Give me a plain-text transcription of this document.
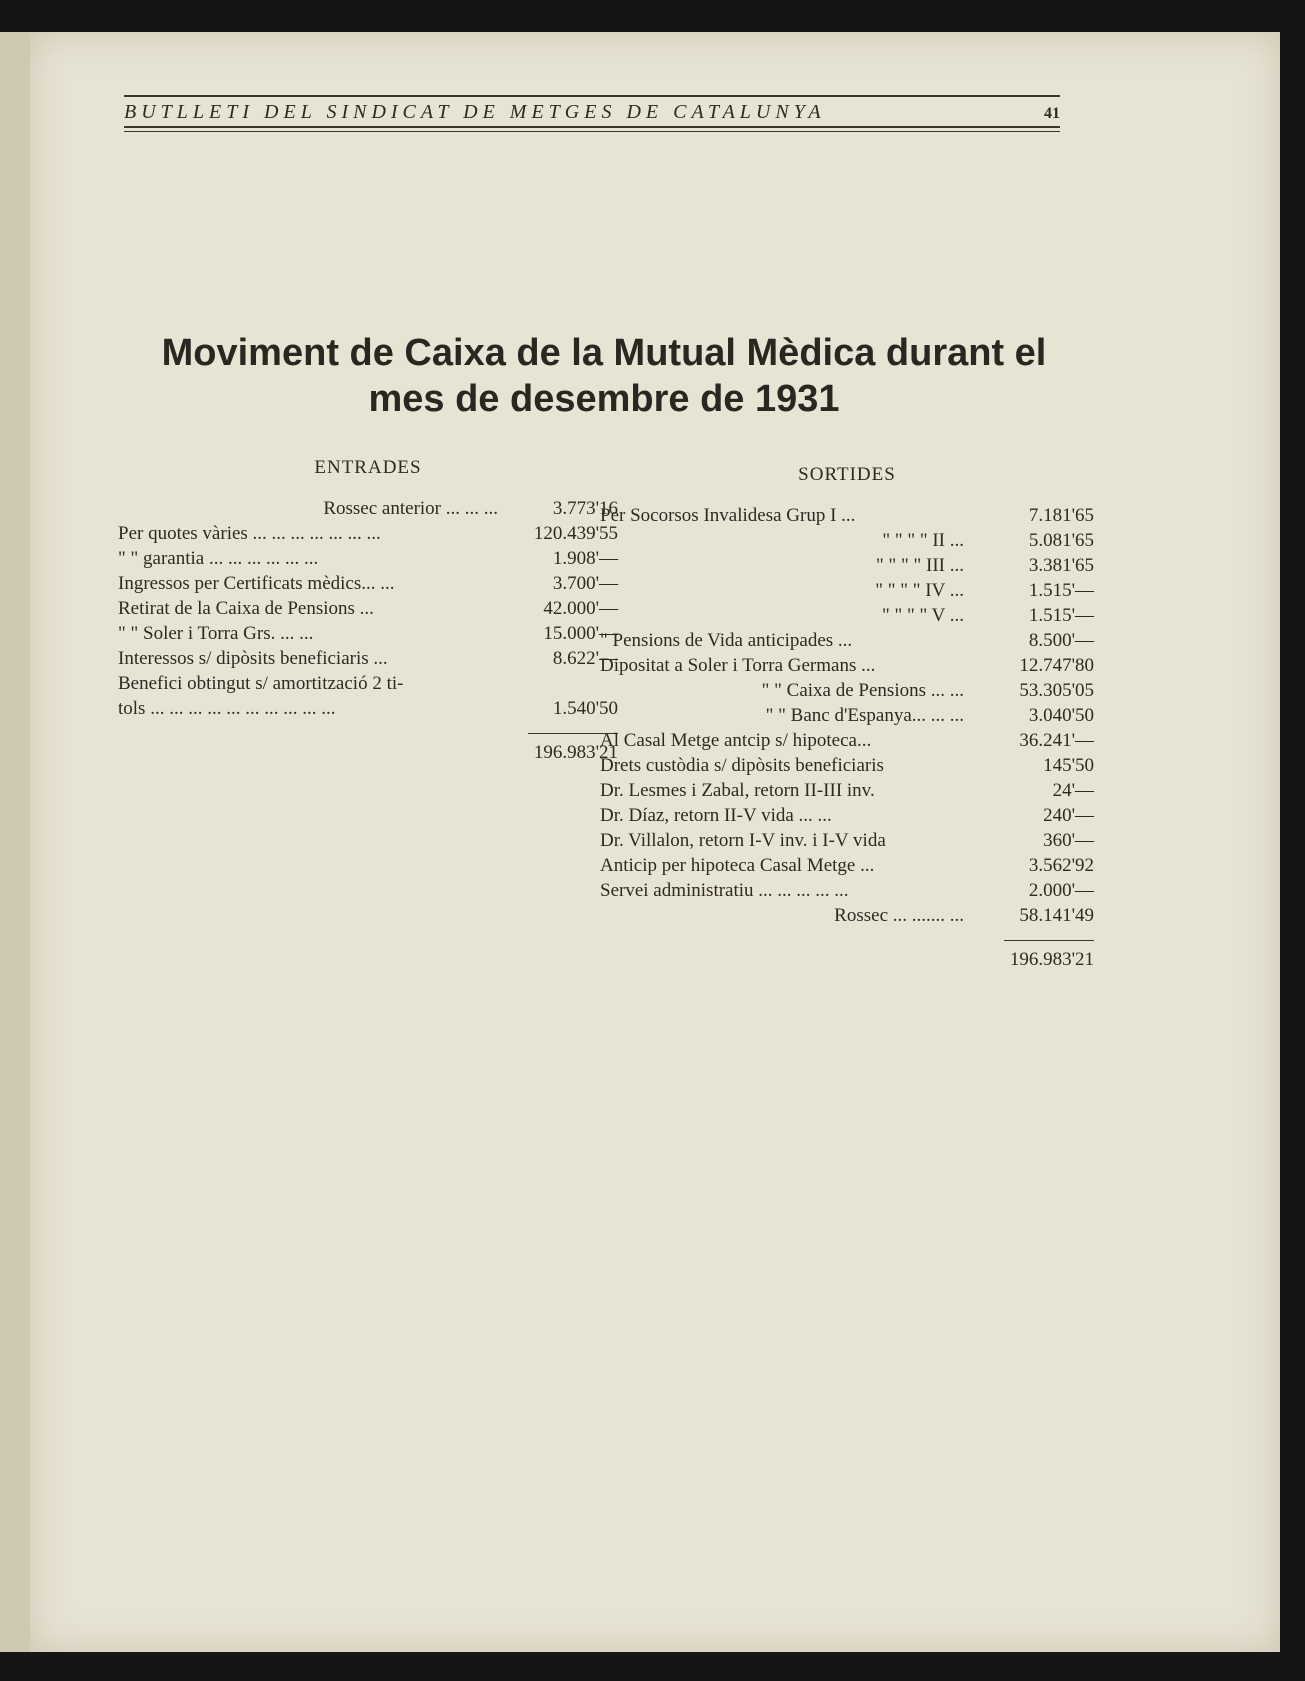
BUTLLETI DEL SINDICAT DE METGES DE CATALUNYA	41
Moviment de Caixa de la Mutual Mèdica durant el mes de desembre de 1931
ENTRADES
Rossec anterior ... ... ...	3.773'16
Per quotes vàries ... ... ... ... ... ... ...	120.439'55
" " garantia ... ... ... ... ... ...	1.908'—
Ingressos per Certificats mèdics... ...	3.700'—
Retirat de la Caixa de Pensions ...	42.000'—
" " Soler i Torra Grs. ... ...	15.000'—
Interessos s/ dipòsits beneficiaris ...	8.622'—
Benefici obtingut s/ amortització 2 ti-
tols ... ... ... ... ... ... ... ... ... ...	1.540'50
196.983'21
SORTIDES
Per Socorsos Invalidesa Grup I ...	7.181'65
" " " " II ...	5.081'65
" " " " III ...	3.381'65
" " " " IV ...	1.515'—
" " " " V ...	1.515'—
" Pensions de Vida anticipades ...	8.500'—
Dipositat a Soler i Torra Germans ...	12.747'80
" " Caixa de Pensions ... ...	53.305'05
" " Banc d'Espanya... ... ...	3.040'50
Al Casal Metge antcip s/ hipoteca...	36.241'—
Drets custòdia s/ dipòsits beneficiaris	145'50
Dr. Lesmes i Zabal, retorn II-III inv.	24'—
Dr. Díaz, retorn II-V vida ... ...	240'—
Dr. Villalon, retorn I-V inv. i I-V vida	360'—
Anticip per hipoteca Casal Metge ...	3.562'92
Servei administratiu ... ... ... ... ...	2.000'—
Rossec ... ....... ...	58.141'49
196.983'21
